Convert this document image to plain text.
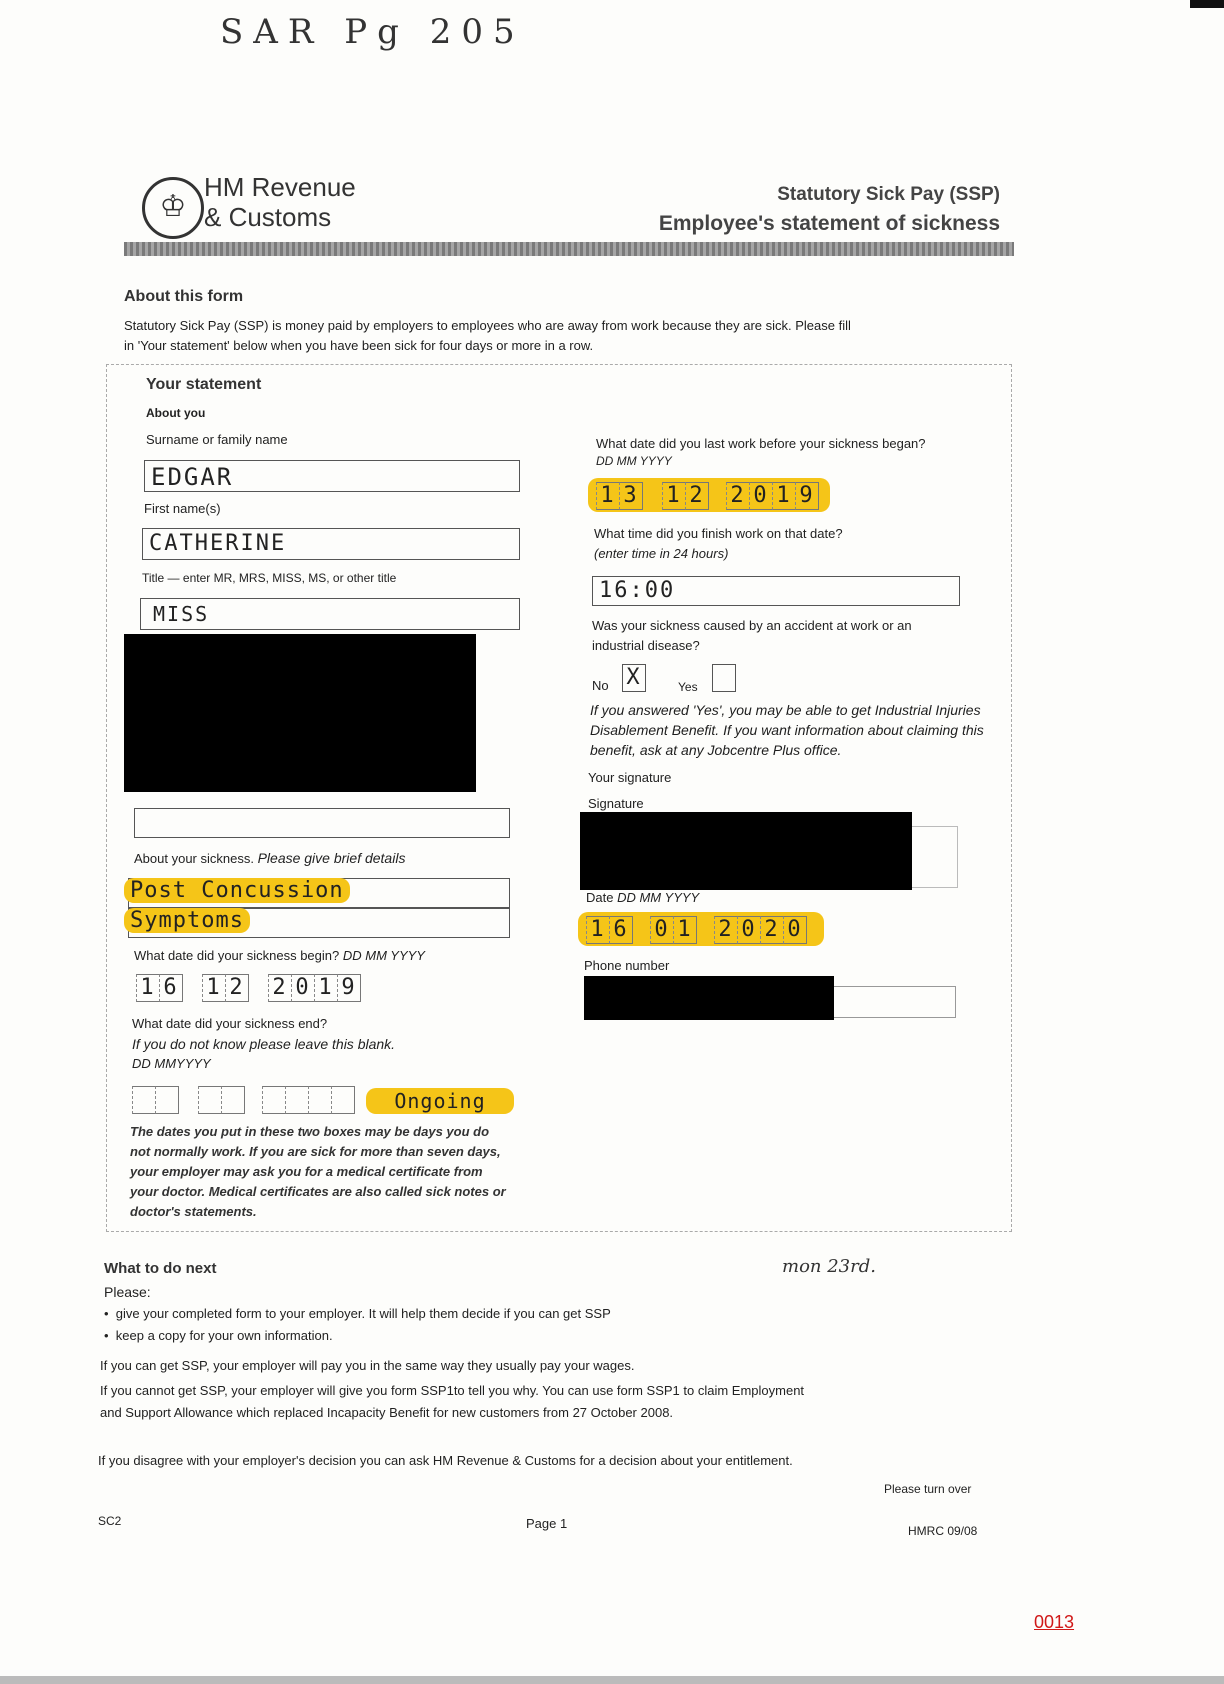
SAR Pg 205
♔
HM Revenue
& Customs
Statutory Sick Pay (SSP)
Employee's statement of sickness
About this form
Statutory Sick Pay (SSP) is money paid by employers to employees who are away from work because they are sick. Please fill in 'Your statement' below when you have been sick for four days or more in a row.
Your statement
About you
Surname or family name
EDGAR
First name(s)
CATHERINE
Title — enter MR, MRS, MISS, MS, or other title
MISS
About your sickness. Please give brief details
Post Concussion
Symptoms
What date did your sickness begin? DD MM YYYY
1 6 1 2 2 0 1 9
What date did your sickness end?
If you do not know please leave this blank.
DD MMYYYY
Ongoing
The dates you put in these two boxes may be days you do not normally work. If you are sick for more than seven days, your employer may ask you for a medical certificate from your doctor. Medical certificates are also called sick notes or doctor's statements.
What date did you last work before your sickness began?
DD MM YYYY
1 3 1 2 2 0 1 9
What time did you finish work on that date?
(enter time in 24 hours)
16:00
Was your sickness caused by an accident at work or an industrial disease?
No X	Yes
If you answered 'Yes', you may be able to get Industrial Injuries Disablement Benefit. If you want information about claiming this benefit, ask at any Jobcentre Plus office.
Your signature
Signature
Date DD MM YYYY
1 6 0 1 2 0 2 0
Phone number
What to do next	mon 23rd.
Please:
•  give your completed form to your employer. It will help them decide if you can get SSP
•  keep a copy for your own information.
If you can get SSP, your employer will pay you in the same way they usually pay your wages.
If you cannot get SSP, your employer will give you form SSP1to tell you why. You can use form SSP1 to claim Employment and Support Allowance which replaced Incapacity Benefit for new customers from 27 October 2008.
If you disagree with your employer's decision you can ask HM Revenue & Customs for a decision about your entitlement.
Please turn over
SC2	Page 1	HMRC 09/08
0013
